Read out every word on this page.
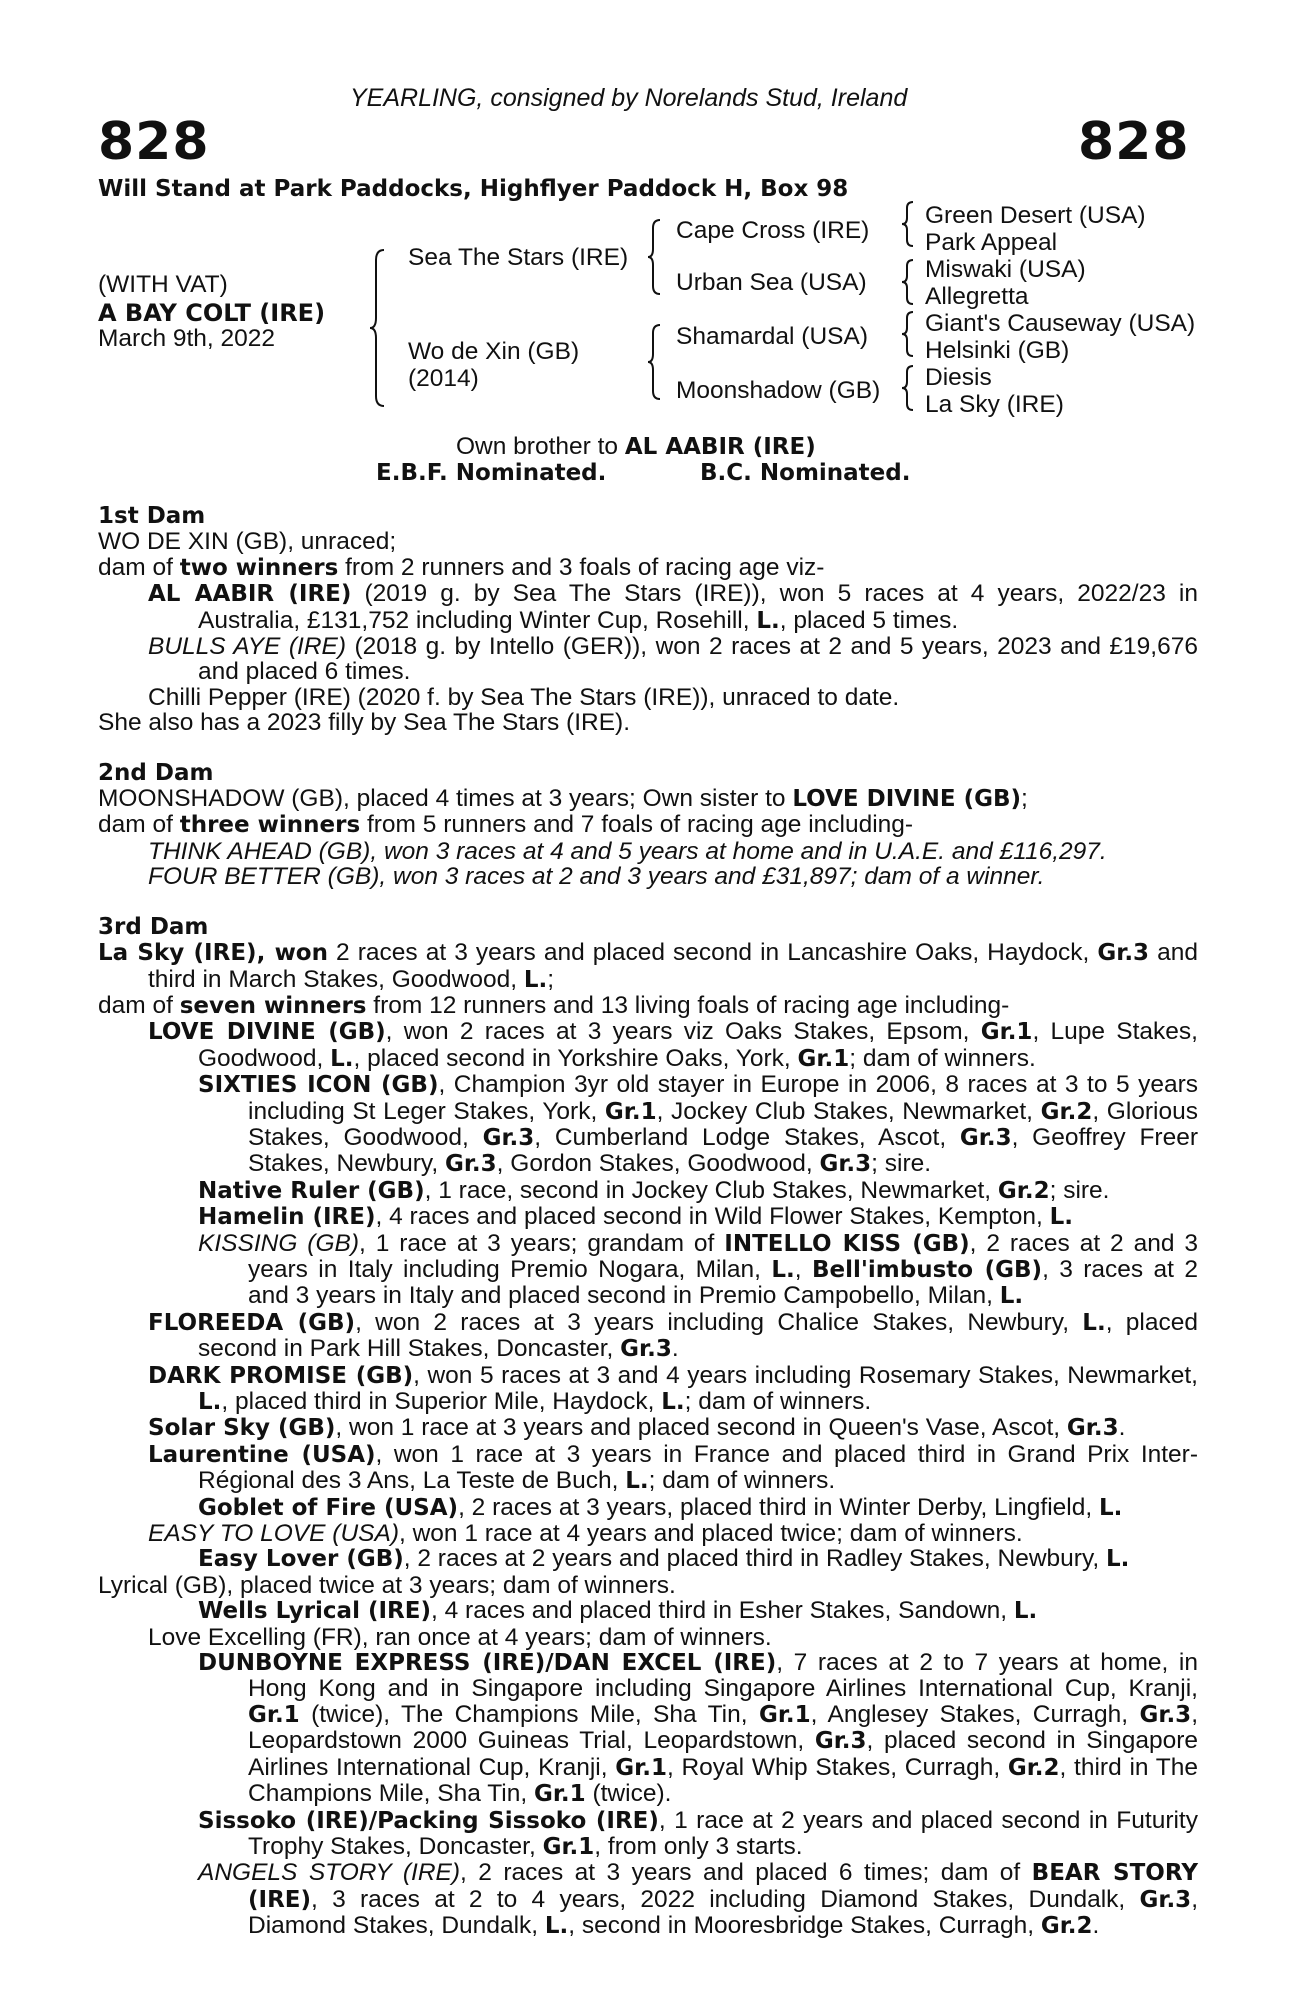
YEARLING, consigned by Norelands Stud, Ireland
828	828
Will Stand at Park Paddocks, Highflyer Paddock H, Box 98
(WITH VAT)
A BAY COLT (IRE)
March 9th, 2022
Sea The Stars (IRE)
Wo de Xin (GB)
(2014)
Cape Cross (IRE)
Urban Sea (USA)
Shamardal (USA)
Moonshadow (GB)
Green Desert (USA)
Park Appeal
Miswaki (USA)
Allegretta
Giant's Causeway (USA)
Helsinki (GB)
Diesis
La Sky (IRE)
Own brother to AL AABIR (IRE)
E.B.F. Nominated.	B.C. Nominated.
1st Dam
WO DE XIN (GB), unraced;
dam of two winners from 2 runners and 3 foals of racing age viz-
AL AABIR (IRE) (2019 g. by Sea The Stars (IRE)), won 5 races at 4 years, 2022/23 in Australia, £131,752 including Winter Cup, Rosehill, L., placed 5 times.
BULLS AYE (IRE) (2018 g. by Intello (GER)), won 2 races at 2 and 5 years, 2023 and £19,676 and placed 6 times.
Chilli Pepper (IRE) (2020 f. by Sea The Stars (IRE)), unraced to date.
She also has a 2023 filly by Sea The Stars (IRE).
2nd Dam
MOONSHADOW (GB), placed 4 times at 3 years; Own sister to LOVE DIVINE (GB);
dam of three winners from 5 runners and 7 foals of racing age including-
THINK AHEAD (GB), won 3 races at 4 and 5 years at home and in U.A.E. and £116,297.
FOUR BETTER (GB), won 3 races at 2 and 3 years and £31,897; dam of a winner.
3rd Dam
La Sky (IRE), won 2 races at 3 years and placed second in Lancashire Oaks, Haydock, Gr.3 and third in March Stakes, Goodwood, L.;
dam of seven winners from 12 runners and 13 living foals of racing age including-
LOVE DIVINE (GB), won 2 races at 3 years viz Oaks Stakes, Epsom, Gr.1, Lupe Stakes, Goodwood, L., placed second in Yorkshire Oaks, York, Gr.1; dam of winners.
SIXTIES ICON (GB), Champion 3yr old stayer in Europe in 2006, 8 races at 3 to 5 years including St Leger Stakes, York, Gr.1, Jockey Club Stakes, Newmarket, Gr.2, Glorious Stakes, Goodwood, Gr.3, Cumberland Lodge Stakes, Ascot, Gr.3, Geoffrey Freer Stakes, Newbury, Gr.3, Gordon Stakes, Goodwood, Gr.3; sire.
Native Ruler (GB), 1 race, second in Jockey Club Stakes, Newmarket, Gr.2; sire.
Hamelin (IRE), 4 races and placed second in Wild Flower Stakes, Kempton, L.
KISSING (GB), 1 race at 3 years; grandam of INTELLO KISS (GB), 2 races at 2 and 3 years in Italy including Premio Nogara, Milan, L., Bell'imbusto (GB), 3 races at 2 and 3 years in Italy and placed second in Premio Campobello, Milan, L.
FLOREEDA (GB), won 2 races at 3 years including Chalice Stakes, Newbury, L., placed second in Park Hill Stakes, Doncaster, Gr.3.
DARK PROMISE (GB), won 5 races at 3 and 4 years including Rosemary Stakes, Newmarket, L., placed third in Superior Mile, Haydock, L.; dam of winners.
Solar Sky (GB), won 1 race at 3 years and placed second in Queen's Vase, Ascot, Gr.3.
Laurentine (USA), won 1 race at 3 years in France and placed third in Grand Prix Inter-Régional des 3 Ans, La Teste de Buch, L.; dam of winners.
Goblet of Fire (USA), 2 races at 3 years, placed third in Winter Derby, Lingfield, L.
EASY TO LOVE (USA), won 1 race at 4 years and placed twice; dam of winners.
Easy Lover (GB), 2 races at 2 years and placed third in Radley Stakes, Newbury, L.
Lyrical (GB), placed twice at 3 years; dam of winners.
Wells Lyrical (IRE), 4 races and placed third in Esher Stakes, Sandown, L.
Love Excelling (FR), ran once at 4 years; dam of winners.
DUNBOYNE EXPRESS (IRE)/DAN EXCEL (IRE), 7 races at 2 to 7 years at home, in Hong Kong and in Singapore including Singapore Airlines International Cup, Kranji, Gr.1 (twice), The Champions Mile, Sha Tin, Gr.1, Anglesey Stakes, Curragh, Gr.3, Leopardstown 2000 Guineas Trial, Leopardstown, Gr.3, placed second in Singapore Airlines International Cup, Kranji, Gr.1, Royal Whip Stakes, Curragh, Gr.2, third in The Champions Mile, Sha Tin, Gr.1 (twice).
Sissoko (IRE)/Packing Sissoko (IRE), 1 race at 2 years and placed second in Futurity Trophy Stakes, Doncaster, Gr.1, from only 3 starts.
ANGELS STORY (IRE), 2 races at 3 years and placed 6 times; dam of BEAR STORY (IRE), 3 races at 2 to 4 years, 2022 including Diamond Stakes, Dundalk, Gr.3, Diamond Stakes, Dundalk, L., second in Mooresbridge Stakes, Curragh, Gr.2.
